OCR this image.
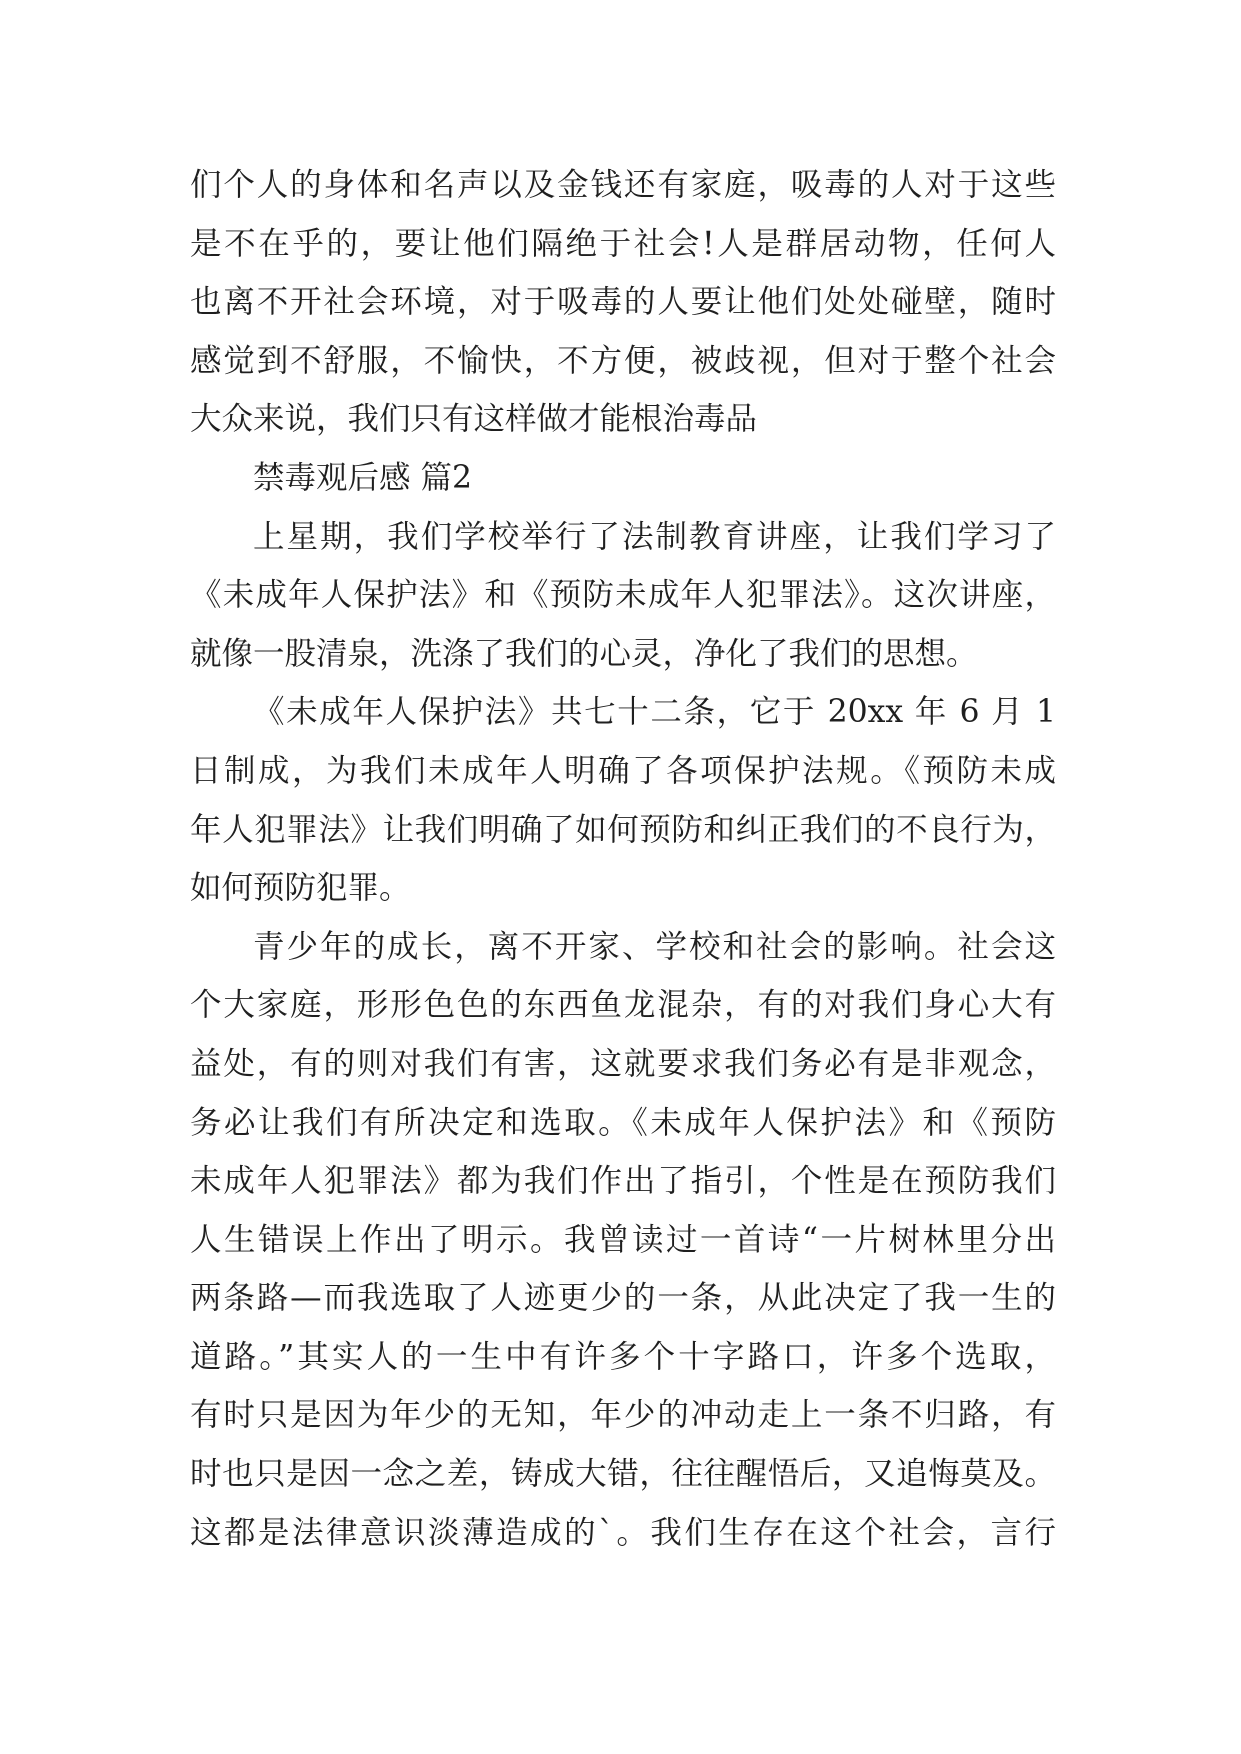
们个人的身体和名声以及金钱还有家庭，吸毒的人对于这些
是不在乎的，要让他们隔绝于社会!人是群居动物，任何人
也离不开社会环境，对于吸毒的人要让他们处处碰壁，随时
感觉到不舒服，不愉快，不方便，被歧视，但对于整个社会
大众来说，我们只有这样做才能根治毒品
禁毒观后感 篇2
上星期，我们学校举行了法制教育讲座，让我们学习了
《未成年人保护法》和《预防未成年人犯罪法》。这次讲座，
就像一股清泉，洗涤了我们的心灵，净化了我们的思想。
《未成年人保护法》共七十二条，它于 20xx 年 6 月 1
日制成，为我们未成年人明确了各项保护法规。《预防未成
年人犯罪法》让我们明确了如何预防和纠正我们的不良行为，
如何预防犯罪。
青少年的成长，离不开家、学校和社会的影响。社会这
个大家庭，形形色色的东西鱼龙混杂，有的对我们身心大有
益处，有的则对我们有害，这就要求我们务必有是非观念，
务必让我们有所决定和选取。《未成年人保护法》和《预防
未成年人犯罪法》都为我们作出了指引，个性是在预防我们
人生错误上作出了明示。我曾读过一首诗“一片树林里分出
两条路—而我选取了人迹更少的一条，从此决定了我一生的
道路。”其实人的一生中有许多个十字路口，许多个选取，
有时只是因为年少的无知，年少的冲动走上一条不归路，有
时也只是因一念之差，铸成大错，往往醒悟后，又追悔莫及。
这都是法律意识淡薄造成的`。我们生存在这个社会，言行
